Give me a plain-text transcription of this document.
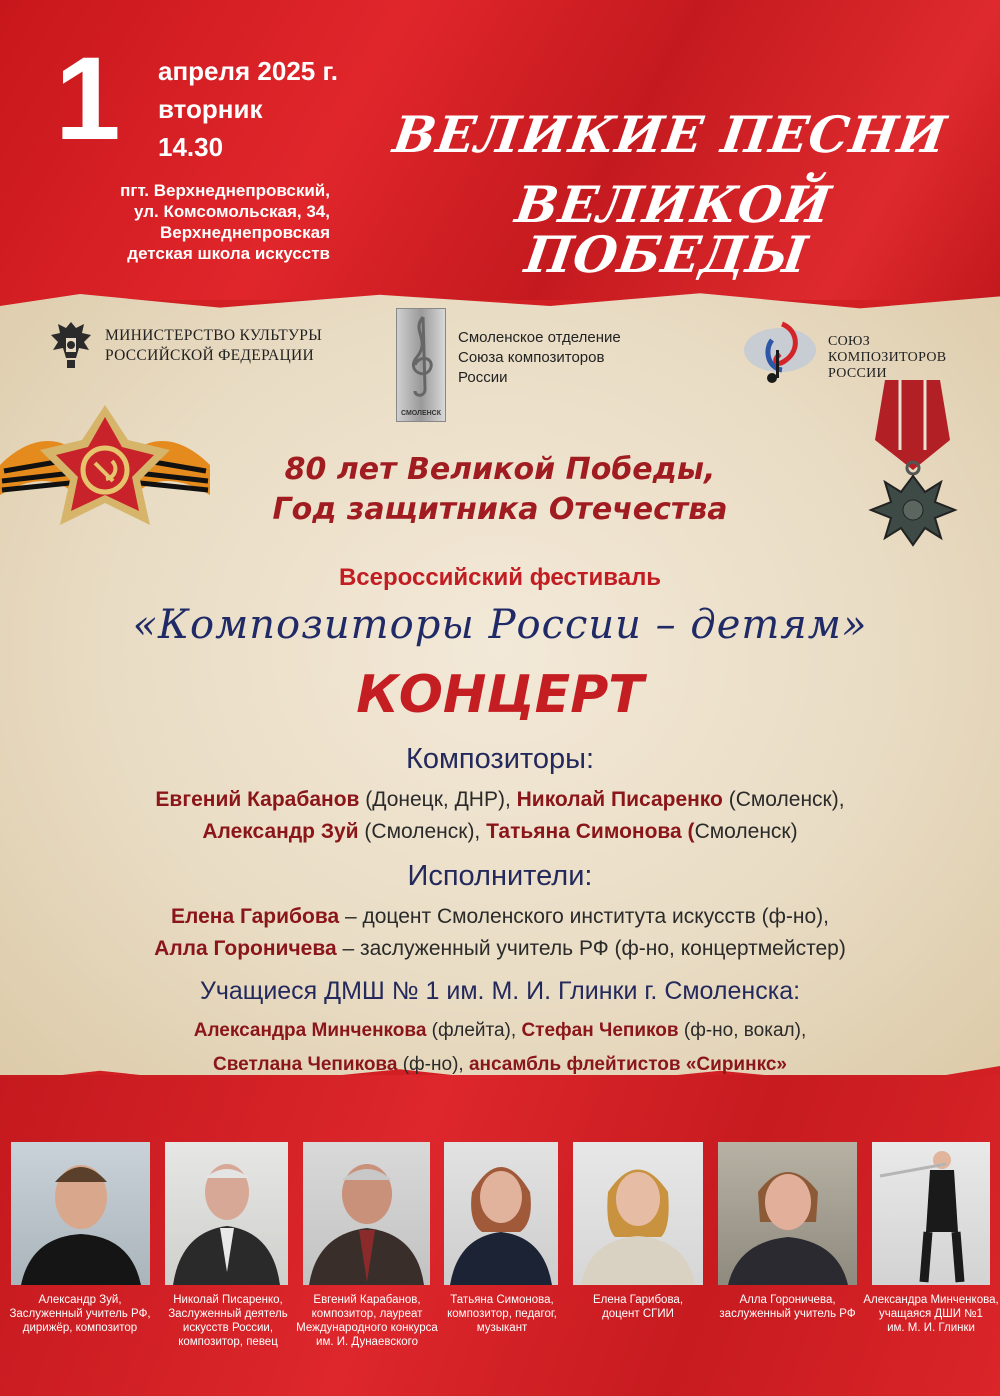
1 апреля 2025 г.
вторник
14.30
пгт. Верхнеднепровский,
ул. Комсомольская, 34,
Верхнеднепровская
детская школа искусств
ВЕЛИКИЕ ПЕСНИ
ВЕЛИКОЙ ПОБЕДЫ
МИНИСТЕРСТВО КУЛЬТУРЫ
РОССИЙСКОЙ ФЕДЕРАЦИИ
СМОЛЕНСК
Смоленское отделение
Союза композиторов
России
СОЮЗ
КОМПОЗИТОРОВ
РОССИИ
80 лет Великой Победы,
Год защитника Отечества
Всероссийский фестиваль
«Композиторы России – детям»
КОНЦЕРТ
Композиторы:
Евгений Карабанов (Донецк, ДНР), Николай Писаренко (Смоленск),
Александр Зуй (Смоленск), Татьяна Симонова (Смоленск)
Исполнители:
Елена Гарибова – доцент Смоленского института искусств (ф-но),
Алла Гороничева – заслуженный учитель РФ (ф-но, концертмейстер)
Учащиеся ДМШ № 1 им. М. И. Глинки г. Смоленска:
Александра Минченкова (флейта), Стефан Чепиков (ф-но, вокал),
Светлана Чепикова (ф-но), ансамбль флейтистов «Сиринкс»
Александр Зуй,
Заслуженный учитель РФ,
дирижёр, композитор
Николай Писаренко,
Заслуженный деятель
искусств России,
композитор, певец
Евгений Карабанов,
композитор, лауреат
Международного конкурса
им. И. Дунаевского
Татьяна Симонова,
композитор, педагог,
музыкант
Елена Гарибова,
доцент СГИИ
Алла Гороничева,
заслуженный учитель РФ
Александра Минченкова,
учащаяся ДШИ №1
им. М. И. Глинки
